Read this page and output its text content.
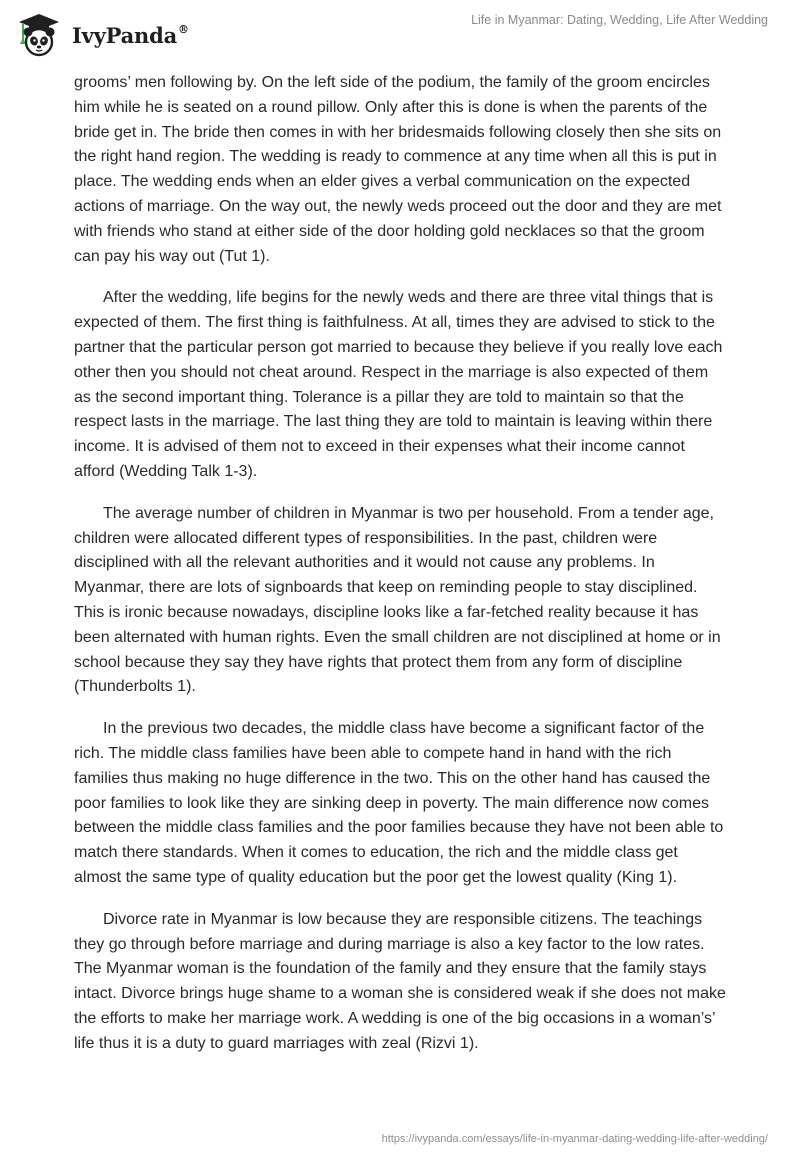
IvyPanda®
Life in Myanmar: Dating, Wedding, Life After Wedding

grooms’ men following by. On the left side of the podium, the family of the groom encircles him while he is seated on a round pillow. Only after this is done is when the parents of the bride get in. The bride then comes in with her bridesmaids following closely then she sits on the right hand region. The wedding is ready to commence at any time when all this is put in place. The wedding ends when an elder gives a verbal communication on the expected actions of marriage. On the way out, the newly weds proceed out the door and they are met with friends who stand at either side of the door holding gold necklaces so that the groom can pay his way out (Tut 1).

After the wedding, life begins for the newly weds and there are three vital things that is expected of them. The first thing is faithfulness. At all, times they are advised to stick to the partner that the particular person got married to because they believe if you really love each other then you should not cheat around. Respect in the marriage is also expected of them as the second important thing. Tolerance is a pillar they are told to maintain so that the respect lasts in the marriage. The last thing they are told to maintain is leaving within there income. It is advised of them not to exceed in their expenses what their income cannot afford (Wedding Talk 1-3).

The average number of children in Myanmar is two per household. From a tender age, children were allocated different types of responsibilities. In the past, children were disciplined with all the relevant authorities and it would not cause any problems. In Myanmar, there are lots of signboards that keep on reminding people to stay disciplined. This is ironic because nowadays, discipline looks like a far-fetched reality because it has been alternated with human rights. Even the small children are not disciplined at home or in school because they say they have rights that protect them from any form of discipline (Thunderbolts 1).

In the previous two decades, the middle class have become a significant factor of the rich. The middle class families have been able to compete hand in hand with the rich families thus making no huge difference in the two. This on the other hand has caused the poor families to look like they are sinking deep in poverty. The main difference now comes between the middle class families and the poor families because they have not been able to match there standards. When it comes to education, the rich and the middle class get almost the same type of quality education but the poor get the lowest quality (King 1).

Divorce rate in Myanmar is low because they are responsible citizens. The teachings they go through before marriage and during marriage is also a key factor to the low rates. The Myanmar woman is the foundation of the family and they ensure that the family stays intact. Divorce brings huge shame to a woman she is considered weak if she does not make the efforts to make her marriage work. A wedding is one of the big occasions in a woman’s’ life thus it is a duty to guard marriages with zeal (Rizvi 1).

https://ivypanda.com/essays/life-in-myanmar-dating-wedding-life-after-wedding/
